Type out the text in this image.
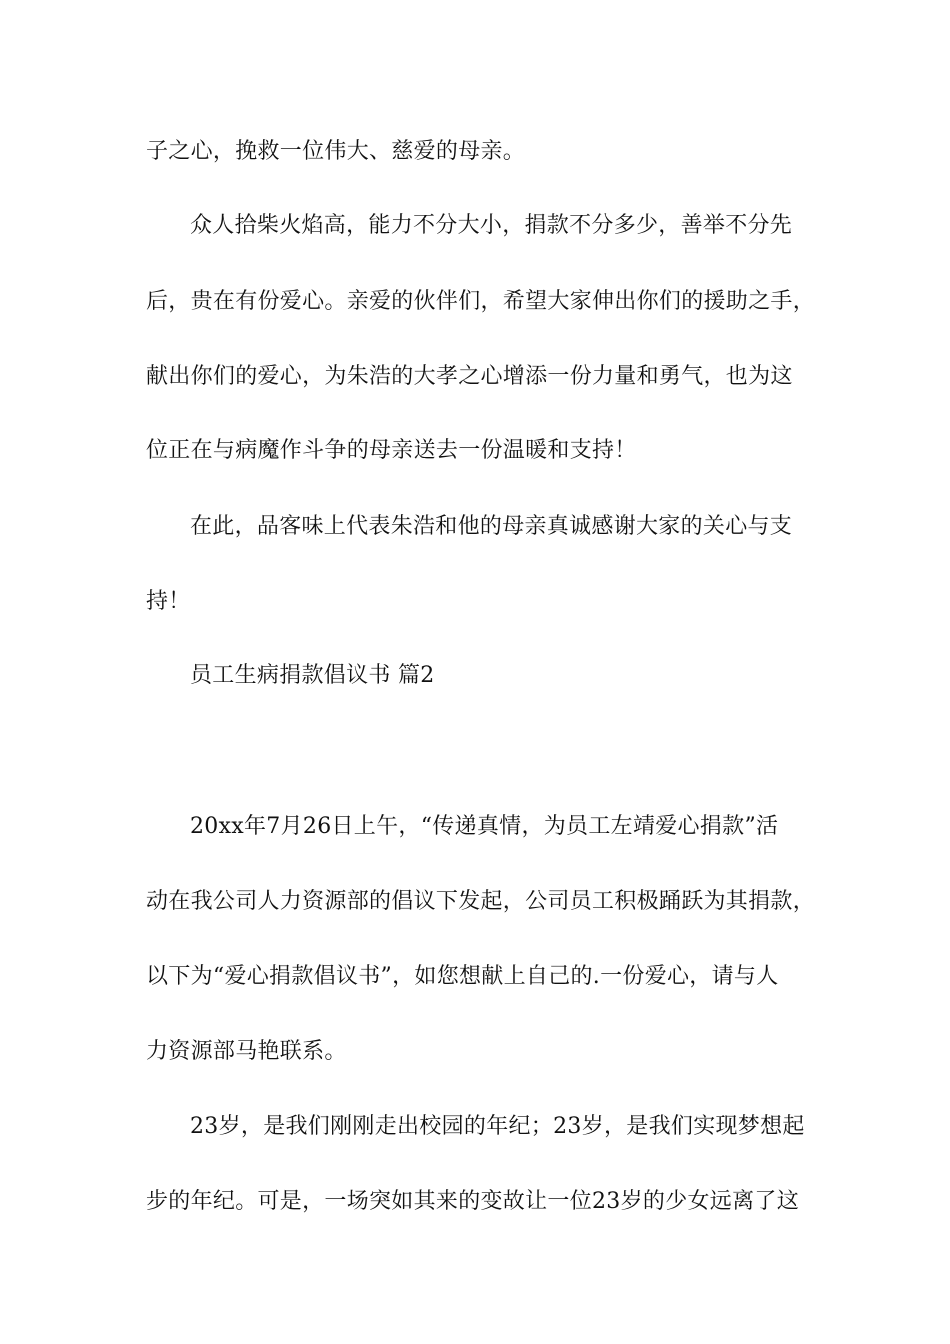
子之心，挽救一位伟大、慈爱的母亲。
众人拾柴火焰高，能力不分大小，捐款不分多少，善举不分先
后，贵在有份爱心。亲爱的伙伴们，希望大家伸出你们的援助之手，
献出你们的爱心，为朱浩的大孝之心增添一份力量和勇气，也为这
位正在与病魔作斗争的母亲送去一份温暖和支持！
在此，品客味上代表朱浩和他的母亲真诚感谢大家的关心与支
持！
员工生病捐款倡议书 篇2
20xx年7月26日上午，“传递真情，为员工左靖爱心捐款”活
动在我公司人力资源部的倡议下发起，公司员工积极踊跃为其捐款，
以下为“爱心捐款倡议书”，如您想献上自己的.一份爱心，请与人
力资源部马艳联系。
23岁，是我们刚刚走出校园的年纪；23岁，是我们实现梦想起
步的年纪。可是，一场突如其来的变故让一位23岁的少女远离了这
